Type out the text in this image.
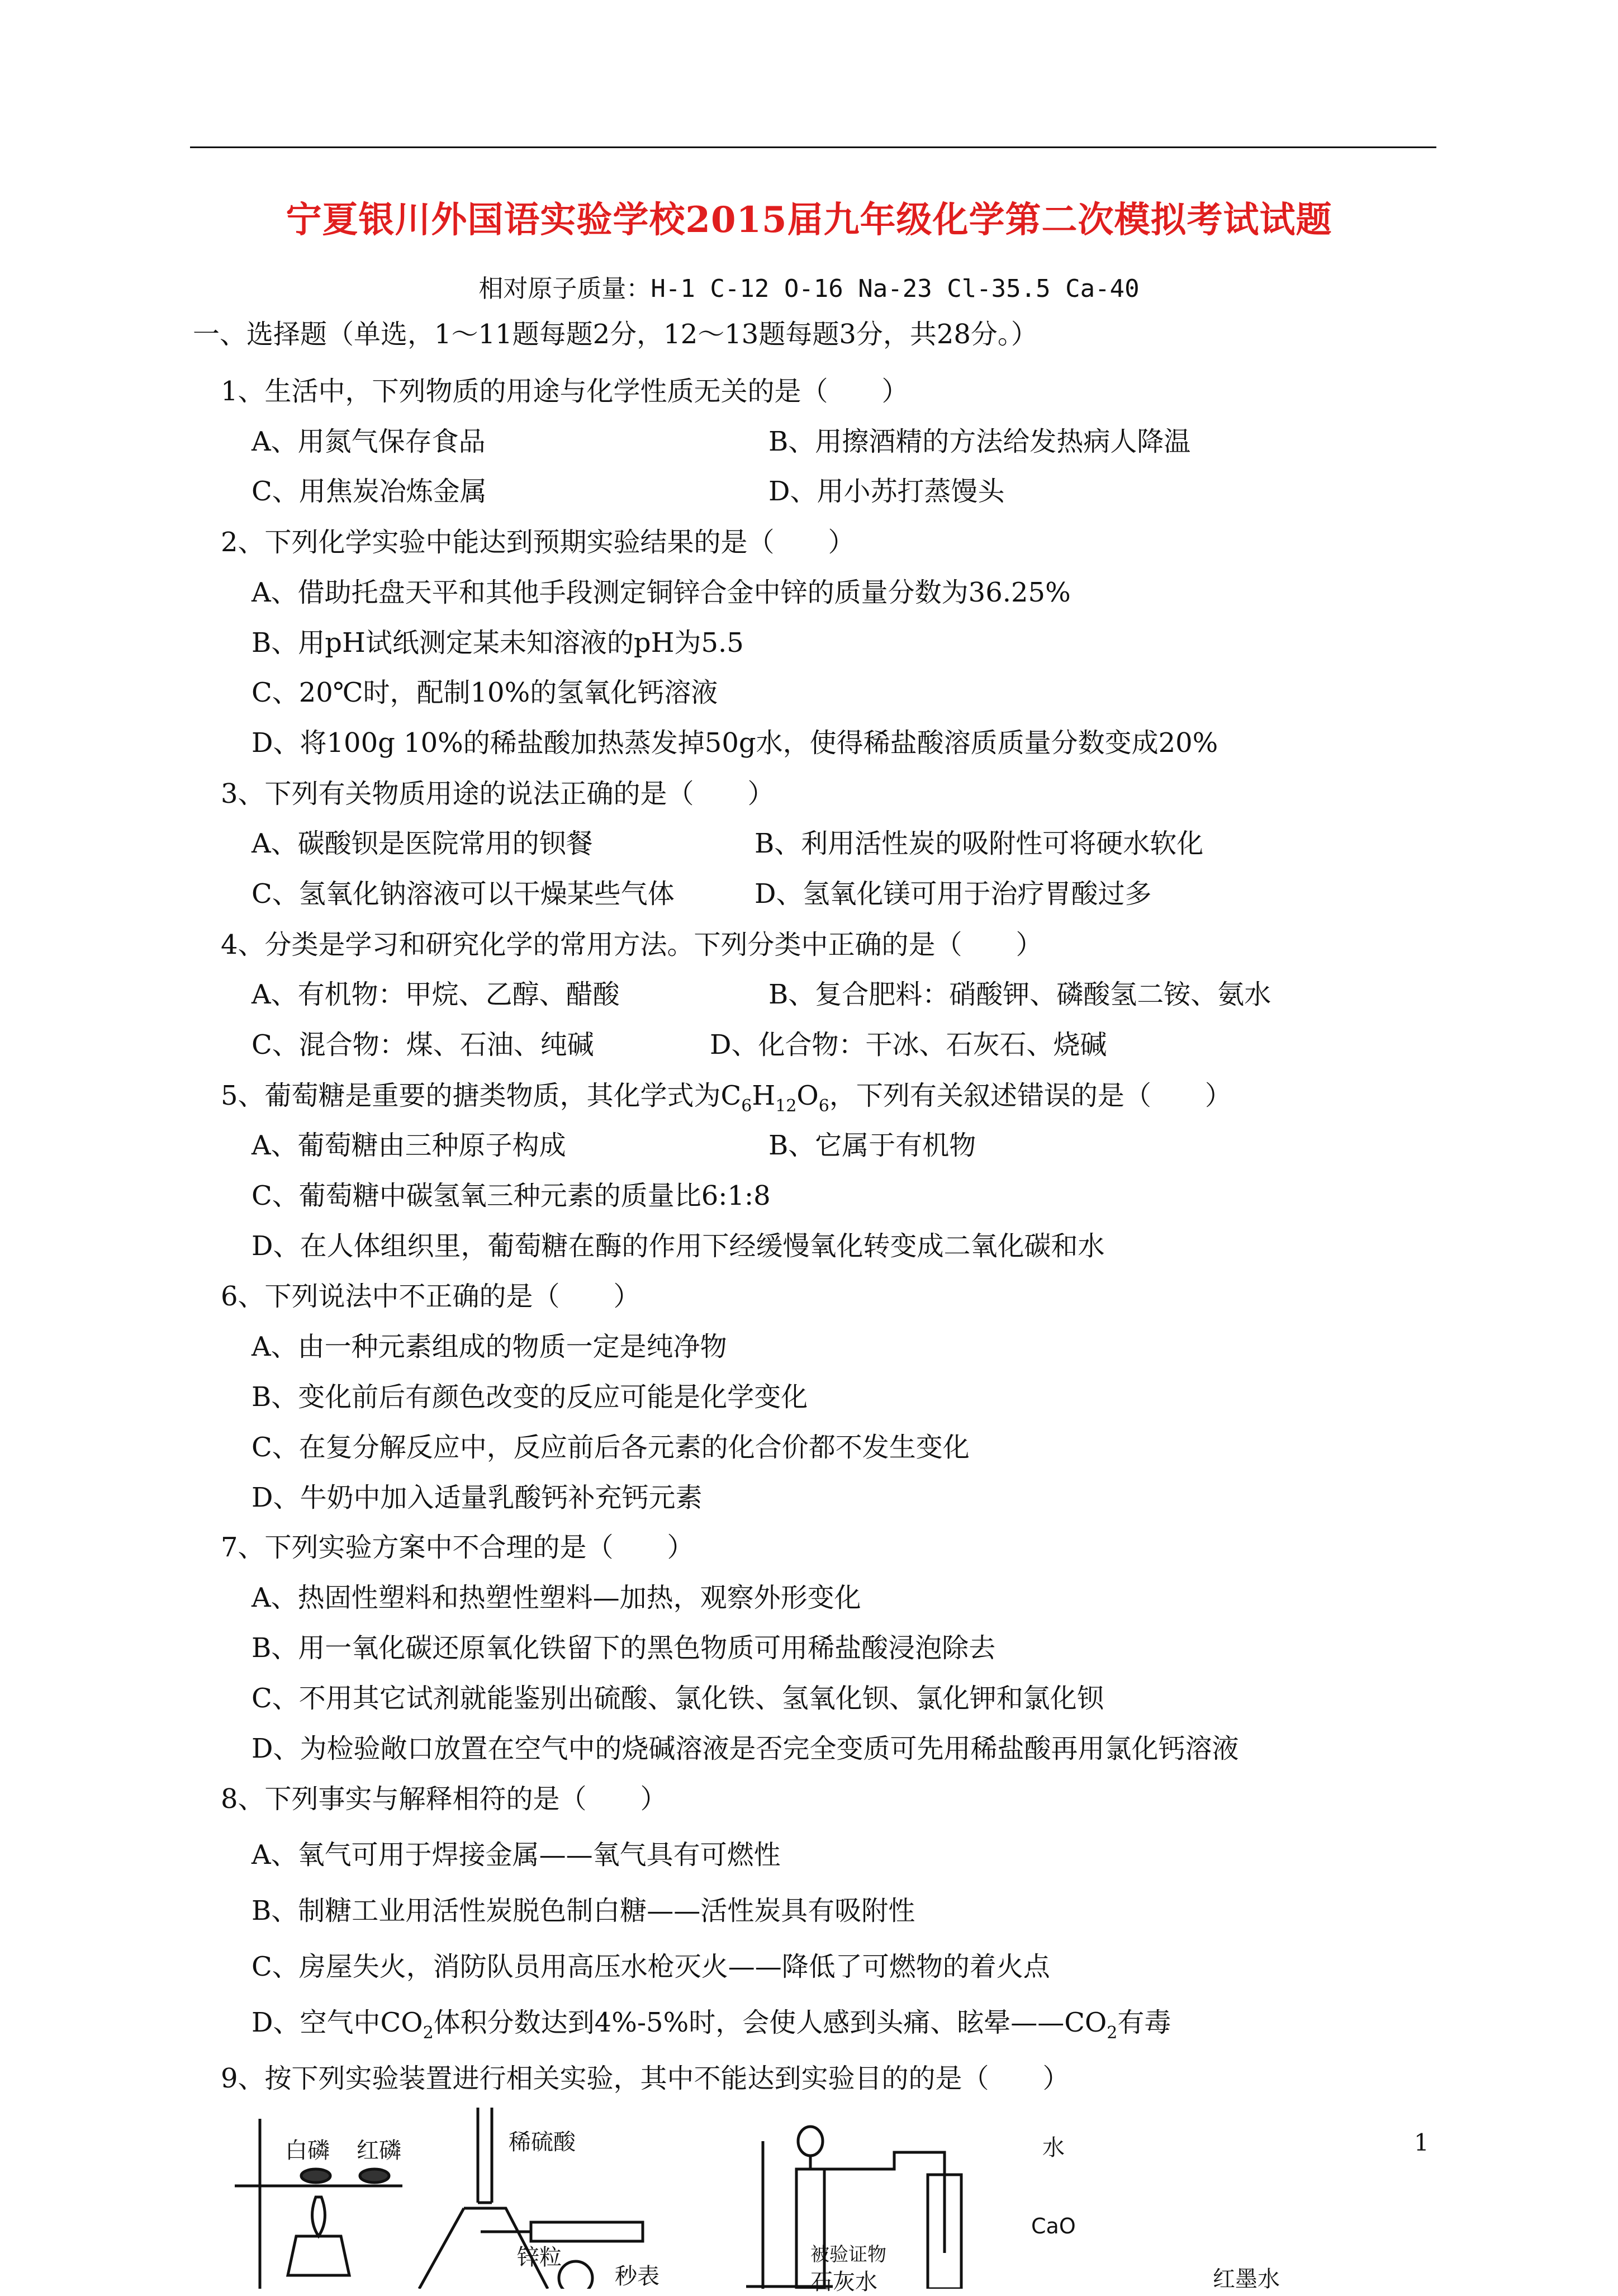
宁夏银川外国语实验学校2015届九年级化学第二次模拟考试试题
相对原子质量：H-1 C-12 O-16 Na-23 Cl-35.5 Ca-40
一、选择题（单选，1～11题每题2分，12～13题每题3分，共28分。）
1、生活中，下列物质的用途与化学性质无关的是（　　）
A、用氮气保存食品	B、用擦酒精的方法给发热病人降温
C、用焦炭冶炼金属	D、用小苏打蒸馒头
2、下列化学实验中能达到预期实验结果的是（　　）
A、借助托盘天平和其他手段测定铜锌合金中锌的质量分数为36.25%
B、用pH试纸测定某未知溶液的pH为5.5
C、20℃时，配制10%的氢氧化钙溶液
D、将100g 10%的稀盐酸加热蒸发掉50g水，使得稀盐酸溶质质量分数变成20%
3、下列有关物质用途的说法正确的是（　　）
A、碳酸钡是医院常用的钡餐	B、利用活性炭的吸附性可将硬水软化
C、氢氧化钠溶液可以干燥某些气体	D、氢氧化镁可用于治疗胃酸过多
4、分类是学习和研究化学的常用方法。下列分类中正确的是（　　）
A、有机物：甲烷、乙醇、醋酸	B、复合肥料：硝酸钾、磷酸氢二铵、氨水
C、混合物：煤、石油、纯碱	D、化合物：干冰、石灰石、烧碱
5、葡萄糖是重要的搪类物质，其化学式为$C_6H_{12}O_6$，下列有关叙述错误的是（　　）
A、葡萄糖由三种原子构成	B、它属于有机物
C、葡萄糖中碳氢氧三种元素的质量比6:1:8
D、在人体组织里，葡萄糖在酶的作用下经缓慢氧化转变成二氧化碳和水
6、下列说法中不正确的是（　　）
A、由一种元素组成的物质一定是纯净物
B、变化前后有颜色改变的反应可能是化学变化
C、在复分解反应中，反应前后各元素的化合价都不发生变化
D、牛奶中加入适量乳酸钙补充钙元素
7、下列实验方案中不合理的是（　　）
A、热固性塑料和热塑性塑料—加热，观察外形变化
B、用一氧化碳还原氧化铁留下的黑色物质可用稀盐酸浸泡除去
C、不用其它试剂就能鉴别出硫酸、氯化铁、氢氧化钡、氯化钾和氯化钡
D、为检验敞口放置在空气中的烧碱溶液是否完全变质可先用稀盐酸再用氯化钙溶液
8、下列事实与解释相符的是（　　）
A、氧气可用于焊接金属——氧气具有可燃性
B、制糖工业用活性炭脱色制白糖——活性炭具有吸附性
C、房屋失火，消防队员用高压水枪灭火——降低了可燃物的着火点
D、空气中$CO_2$体积分数达到4%-5%时，会使人感到头痛、眩晕$——CO_2$有毒
9、按下列实验装置进行相关实验，其中不能达到实验目的的是（　　）
白磷 红磷	稀硫酸
锌粒
秒表
被验证物
石灰水
水
CaO
红墨水
1
